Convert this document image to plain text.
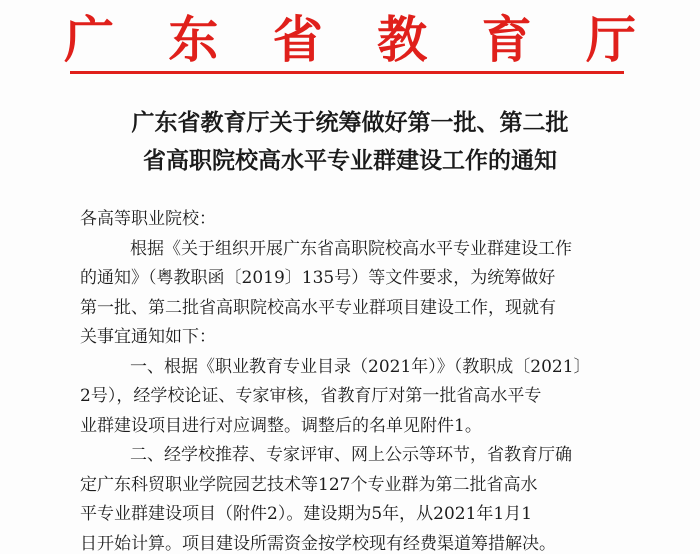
广 东 省 教 育 厅
广东省教育厅关于统筹做好第一批、第二批
省高职院校高水平专业群建设工作的通知
各高等职业院校：
根据《关于组织开展广东省高职院校高水平专业群建设工作
的通知》（粤教职函〔2019〕135号）等文件要求，为统筹做好
第一批、第二批省高职院校高水平专业群项目建设工作，现就有
关事宜通知如下：
一、根据《职业教育专业目录（2021年）》（教职成〔2021〕
2号），经学校论证、专家审核，省教育厅对第一批省高水平专
业群建设项目进行对应调整。调整后的名单见附件1。
二、经学校推荐、专家评审、网上公示等环节，省教育厅确
定广东科贸职业学院园艺技术等127个专业群为第二批省高水
平专业群建设项目（附件2）。建设期为5年，从2021年1月1
日开始计算。项目建设所需资金按学校现有经费渠道筹措解决。
